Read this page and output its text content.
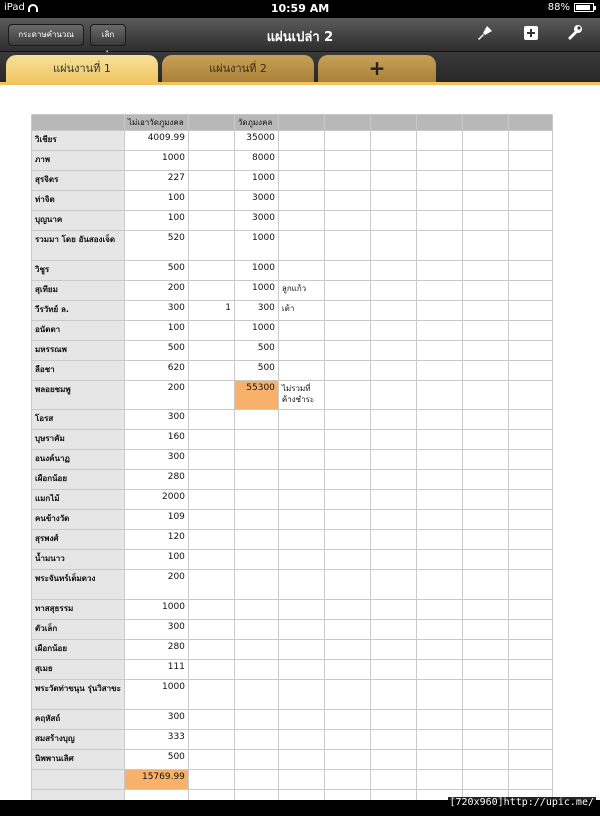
iPad	10:59 AM	88%
กระดาษคำนวณ	เลิก	แผ่นเปล่า 2
แผ่นงานที่ 1	แผ่นงานที่ 2	+
	ไม่เอาวัดภูมงคล		วัดภูมงคล						
วิเชียร	4009.99		35000						
ภาพ	1000		8000						
สุรจิตร	227		1000						
ท่าจิต	100		3000						
บุญนาค	100		3000						
รวมมา โดย อันสองเจ็ด	520		1000						
วิชูร	500		1000						
สุเทียม	200		1000	ลูกแก้ว					
วีรวัทย์ ล.	300	1	300	เต้า					
อนัตตา	100		1000						
มหรรณพ	500		500						
ลือชา	620		500						
พลอยชมพู	200		55300	ไม่รวมที่ค้างชำระ					
โอรส	300								
บุษราคัม	160								
อนงค์นาฏ	300								
เผือกน้อย	280								
แมกไม้	2000								
คนข้างวัด	109								
สุรพงศ์	120								
น้ำมนาว	100								
พระจันทร์เต็มดวง	200								
ทาสสุธรรม	1000								
ตัวเล็ก	300								
เผือกน้อย	280								
สุเมธ	111								
พระวัดท่าขนุน รุ่นวิสาขะ	1000								
คฤหัสถ์	300								
สมสร้างบุญ	333								
นิพพานเลิศ	500								
	15769.99								

[720x960]http://upic.me/
